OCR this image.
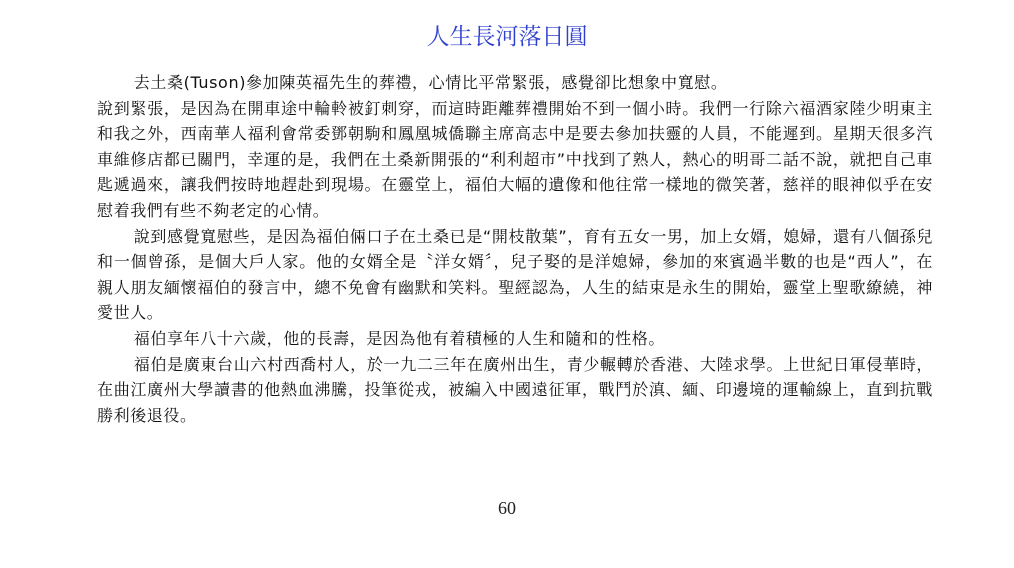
人生長河落日圓

去土桑(Tuson)參加陳英福先生的葬禮，心情比平常緊張，感覺卻比想象中寬慰。

說到緊張，是因為在開車途中輪軨被釘刺穿，而這時距離葬禮開始不到一個小時。我們一行除六福酒家陸少明東主和我之外，西南華人福利會常委鄧朝駒和鳳凰城僑聯主席高志中是要去參加扶靈的人員，不能遲到。星期天很多汽車維修店都已關門，幸運的是，我們在土桑新開張的“利利超市”中找到了熟人，熱心的明哥二話不說，就把自己車匙遞過來，讓我們按時地趕赴到現場。在靈堂上，福伯大幅的遺像和他往常一樣地的微笑著，慈祥的眼神似乎在安慰着我們有些不夠老定的心情。

說到感覺寬慰些，是因為福伯倆口子在土桑已是“開枝散葉”，育有五女一男，加上女婿，媳婦，還有八個孫兒和一個曾孫，是個大戶人家。他的女婿全是〝洋女婿〞，兒子娶的是洋媳婦，參加的來賓過半數的也是“西人”，在親人朋友緬懷福伯的發言中，總不免會有幽默和笑料。聖經認為，人生的結束是永生的開始，靈堂上聖歌繚繞，神愛世人。

福伯享年八十六歲，他的長壽，是因為他有着積極的人生和隨和的性格。

福伯是廣東台山六村西喬村人，於一九二三年在廣州出生，青少輾轉於香港、大陸求學。上世紀日軍侵華時，在曲江廣州大學讀書的他熱血沸騰，投筆從戎，被編入中國遠征軍，戰鬥於滇、緬、印邊境的運輸線上，直到抗戰勝利後退役。

60
